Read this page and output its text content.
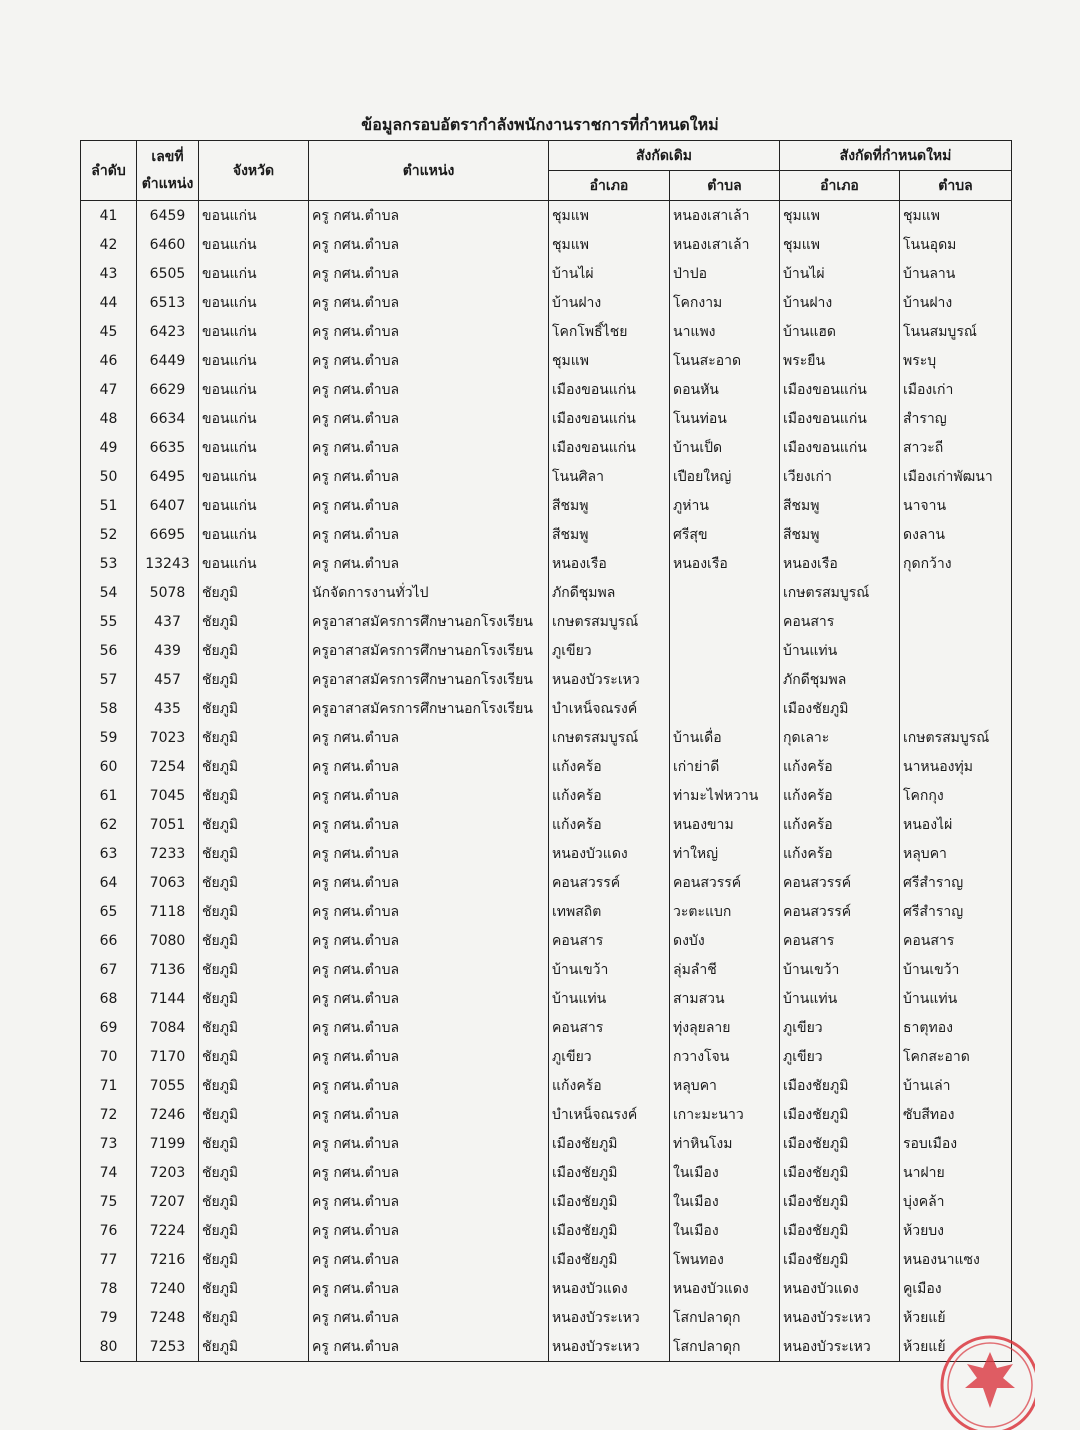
ข้อมูลกรอบอัตรากำลังพนักงานราชการที่กำหนดใหม่
ลำดับ	เลขที่ ตำแหน่ง	จังหวัด	ตำแหน่ง	สังกัดเดิม		สังกัดที่กำหนดใหม่	
				อำเภอ	ตำบล	อำเภอ	ตำบล
41	6459	ขอนแก่น	ครู กศน.ตำบล	ชุมแพ	หนองเสาเล้า	ชุมแพ	ชุมแพ
42	6460	ขอนแก่น	ครู กศน.ตำบล	ชุมแพ	หนองเสาเล้า	ชุมแพ	โนนอุดม
43	6505	ขอนแก่น	ครู กศน.ตำบล	บ้านไผ่	ป่าปอ	บ้านไผ่	บ้านลาน
44	6513	ขอนแก่น	ครู กศน.ตำบล	บ้านฝาง	โคกงาม	บ้านฝาง	บ้านฝาง
45	6423	ขอนแก่น	ครู กศน.ตำบล	โคกโพธิ์ไชย	นาแพง	บ้านแฮด	โนนสมบูรณ์
46	6449	ขอนแก่น	ครู กศน.ตำบล	ชุมแพ	โนนสะอาด	พระยืน	พระบุ
47	6629	ขอนแก่น	ครู กศน.ตำบล	เมืองขอนแก่น	ดอนหัน	เมืองขอนแก่น	เมืองเก่า
48	6634	ขอนแก่น	ครู กศน.ตำบล	เมืองขอนแก่น	โนนท่อน	เมืองขอนแก่น	สำราญ
49	6635	ขอนแก่น	ครู กศน.ตำบล	เมืองขอนแก่น	บ้านเป็ด	เมืองขอนแก่น	สาวะถี
50	6495	ขอนแก่น	ครู กศน.ตำบล	โนนศิลา	เปือยใหญ่	เวียงเก่า	เมืองเก่าพัฒนา
51	6407	ขอนแก่น	ครู กศน.ตำบล	สีชมพู	ภูห่าน	สีชมพู	นาจาน
52	6695	ขอนแก่น	ครู กศน.ตำบล	สีชมพู	ศรีสุข	สีชมพู	ดงลาน
53	13243	ขอนแก่น	ครู กศน.ตำบล	หนองเรือ	หนองเรือ	หนองเรือ	กุดกว้าง
54	5078	ชัยภูมิ	นักจัดการงานทั่วไป	ภักดีชุมพล		เกษตรสมบูรณ์	
55	437	ชัยภูมิ	ครูอาสาสมัครการศึกษานอกโรงเรียน	เกษตรสมบูรณ์		คอนสาร	
56	439	ชัยภูมิ	ครูอาสาสมัครการศึกษานอกโรงเรียน	ภูเขียว		บ้านแท่น	
57	457	ชัยภูมิ	ครูอาสาสมัครการศึกษานอกโรงเรียน	หนองบัวระเหว		ภักดีชุมพล	
58	435	ชัยภูมิ	ครูอาสาสมัครการศึกษานอกโรงเรียน	บำเหน็จณรงค์		เมืองชัยภูมิ	
59	7023	ชัยภูมิ	ครู กศน.ตำบล	เกษตรสมบูรณ์	บ้านเดื่อ	กุดเลาะ	เกษตรสมบูรณ์
60	7254	ชัยภูมิ	ครู กศน.ตำบล	แก้งคร้อ	เก่าย่าดี	แก้งคร้อ	นาหนองทุ่ม
61	7045	ชัยภูมิ	ครู กศน.ตำบล	แก้งคร้อ	ท่ามะไฟหวาน	แก้งคร้อ	โคกกุง
62	7051	ชัยภูมิ	ครู กศน.ตำบล	แก้งคร้อ	หนองขาม	แก้งคร้อ	หนองไผ่
63	7233	ชัยภูมิ	ครู กศน.ตำบล	หนองบัวแดง	ท่าใหญ่	แก้งคร้อ	หลุบคา
64	7063	ชัยภูมิ	ครู กศน.ตำบล	คอนสวรรค์	คอนสวรรค์	คอนสวรรค์	ศรีสำราญ
65	7118	ชัยภูมิ	ครู กศน.ตำบล	เทพสถิต	วะตะแบก	คอนสวรรค์	ศรีสำราญ
66	7080	ชัยภูมิ	ครู กศน.ตำบล	คอนสาร	ดงบัง	คอนสาร	คอนสาร
67	7136	ชัยภูมิ	ครู กศน.ตำบล	บ้านเขว้า	ลุ่มลำชี	บ้านเขว้า	บ้านเขว้า
68	7144	ชัยภูมิ	ครู กศน.ตำบล	บ้านแท่น	สามสวน	บ้านแท่น	บ้านแท่น
69	7084	ชัยภูมิ	ครู กศน.ตำบล	คอนสาร	ทุ่งลุยลาย	ภูเขียว	ธาตุทอง
70	7170	ชัยภูมิ	ครู กศน.ตำบล	ภูเขียว	กวางโจน	ภูเขียว	โคกสะอาด
71	7055	ชัยภูมิ	ครู กศน.ตำบล	แก้งคร้อ	หลุบคา	เมืองชัยภูมิ	บ้านเล่า
72	7246	ชัยภูมิ	ครู กศน.ตำบล	บำเหน็จณรงค์	เกาะมะนาว	เมืองชัยภูมิ	ซับสีทอง
73	7199	ชัยภูมิ	ครู กศน.ตำบล	เมืองชัยภูมิ	ท่าหินโงม	เมืองชัยภูมิ	รอบเมือง
74	7203	ชัยภูมิ	ครู กศน.ตำบล	เมืองชัยภูมิ	ในเมือง	เมืองชัยภูมิ	นาฝาย
75	7207	ชัยภูมิ	ครู กศน.ตำบล	เมืองชัยภูมิ	ในเมือง	เมืองชัยภูมิ	บุ่งคล้า
76	7224	ชัยภูมิ	ครู กศน.ตำบล	เมืองชัยภูมิ	ในเมือง	เมืองชัยภูมิ	ห้วยบง
77	7216	ชัยภูมิ	ครู กศน.ตำบล	เมืองชัยภูมิ	โพนทอง	เมืองชัยภูมิ	หนองนาแซง
78	7240	ชัยภูมิ	ครู กศน.ตำบล	หนองบัวแดง	หนองบัวแดง	หนองบัวแดง	คูเมือง
79	7248	ชัยภูมิ	ครู กศน.ตำบล	หนองบัวระเหว	โสกปลาดุก	หนองบัวระเหว	ห้วยแย้
80	7253	ชัยภูมิ	ครู กศน.ตำบล	หนองบัวระเหว	โสกปลาดุก	หนองบัวระเหว	ห้วยแย้
